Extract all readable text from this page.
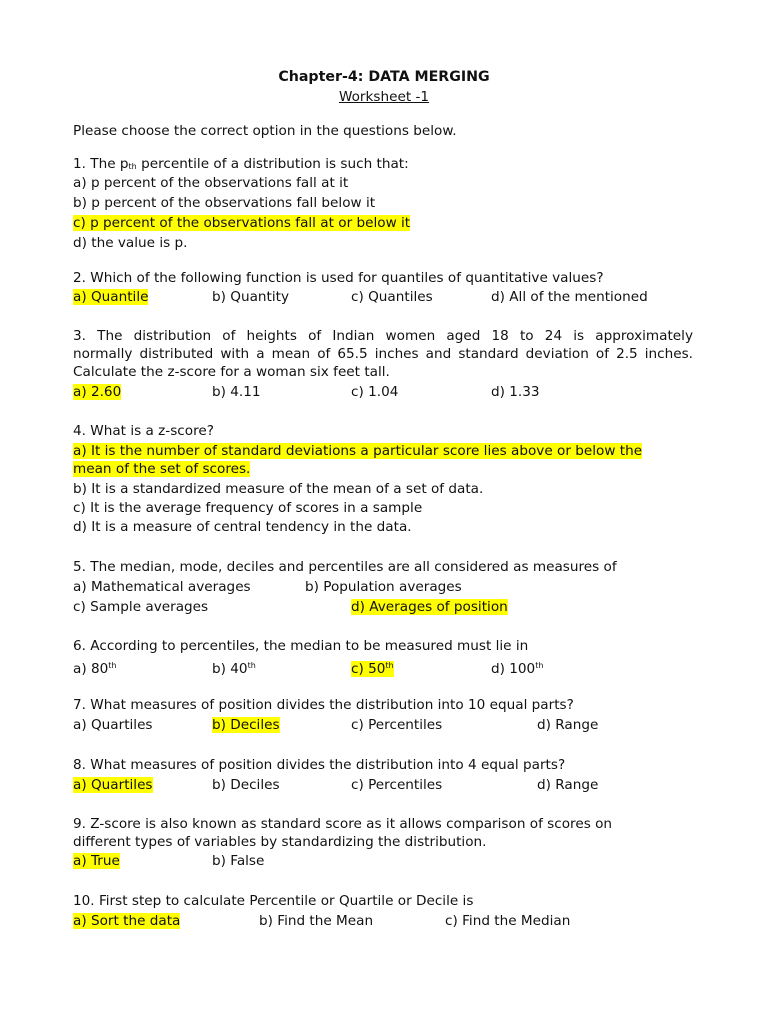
Chapter-4: DATA MERGING
Worksheet -1
Please choose the correct option in the questions below.
1. The $p_{th}$ percentile of a distribution is such that:
a) p percent of the observations fall at it
b) p percent of the observations fall below it
c) p percent of the observations fall at or below it
d) the value is p.
2. Which of the following function is used for quantiles of quantitative values?
a) Quantile	b) Quantity	c) Quantiles	d) All of the mentioned
3. The distribution of heights of Indian women aged 18 to 24 is approximately
normally distributed with a mean of 65.5 inches and standard deviation of 2.5 inches.
Calculate the z-score for a woman six feet tall.
a) 2.60	b) 4.11	c) 1.04	d) 1.33
4. What is a z-score?
a) It is the number of standard deviations a particular score lies above or below the
mean of the set of scores.
b) It is a standardized measure of the mean of a set of data.
c) It is the average frequency of scores in a sample
d) It is a measure of central tendency in the data.
5. The median, mode, deciles and percentiles are all considered as measures of
a) Mathematical averages	b) Population averages
c) Sample averages	d) Averages of position
6. According to percentiles, the median to be measured must lie in
a) 80th	b) 40th	c) 50th	d) 100th
7. What measures of position divides the distribution into 10 equal parts?
a) Quartiles	b) Deciles	c) Percentiles	d) Range
8. What measures of position divides the distribution into 4 equal parts?
a) Quartiles	b) Deciles	c) Percentiles	d) Range
9. Z-score is also known as standard score as it allows comparison of scores on
different types of variables by standardizing the distribution.
a) True	b) False
10. First step to calculate Percentile or Quartile or Decile is
a) Sort the data	b) Find the Mean	c) Find the Median
